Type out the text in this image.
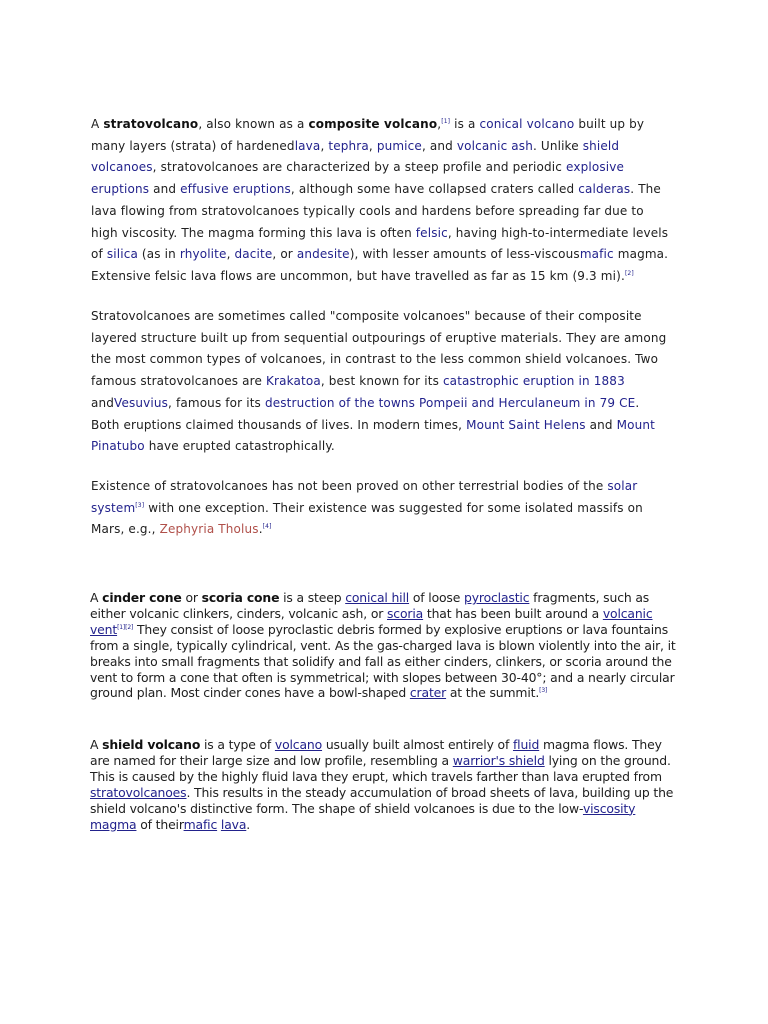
A stratovolcano, also known as a composite volcano,[1] is a conical volcano built up by many layers (strata) of hardenedlava, tephra, pumice, and volcanic ash. Unlike shield volcanoes, stratovolcanoes are characterized by a steep profile and periodic explosive eruptions and effusive eruptions, although some have collapsed craters called calderas. The lava flowing from stratovolcanoes typically cools and hardens before spreading far due to high viscosity. The magma forming this lava is often felsic, having high-to-intermediate levels of silica (as in rhyolite, dacite, or andesite), with lesser amounts of less-viscousmafic magma. Extensive felsic lava flows are uncommon, but have travelled as far as 15 km (9.3 mi).[2]

Stratovolcanoes are sometimes called "composite volcanoes" because of their composite layered structure built up from sequential outpourings of eruptive materials. They are among the most common types of volcanoes, in contrast to the less common shield volcanoes. Two famous stratovolcanoes are Krakatoa, best known for its catastrophic eruption in 1883 andVesuvius, famous for its destruction of the towns Pompeii and Herculaneum in 79 CE. Both eruptions claimed thousands of lives. In modern times, Mount Saint Helens and Mount Pinatubo have erupted catastrophically.

Existence of stratovolcanoes has not been proved on other terrestrial bodies of the solar system[3] with one exception. Their existence was suggested for some isolated massifs on Mars, e.g., Zephyria Tholus.[4]

A cinder cone or scoria cone is a steep conical hill of loose pyroclastic fragments, such as either volcanic clinkers, cinders, volcanic ash, or scoria that has been built around a volcanic vent[1][2] They consist of loose pyroclastic debris formed by explosive eruptions or lava fountains from a single, typically cylindrical, vent. As the gas-charged lava is blown violently into the air, it breaks into small fragments that solidify and fall as either cinders, clinkers, or scoria around the vent to form a cone that often is symmetrical; with slopes between 30-40°; and a nearly circular ground plan. Most cinder cones have a bowl-shaped crater at the summit.[3]

A shield volcano is a type of volcano usually built almost entirely of fluid magma flows. They are named for their large size and low profile, resembling a warrior's shield lying on the ground. This is caused by the highly fluid lava they erupt, which travels farther than lava erupted from stratovolcanoes. This results in the steady accumulation of broad sheets of lava, building up the shield volcano's distinctive form. The shape of shield volcanoes is due to the low-viscosity magma of theirmafic lava.
